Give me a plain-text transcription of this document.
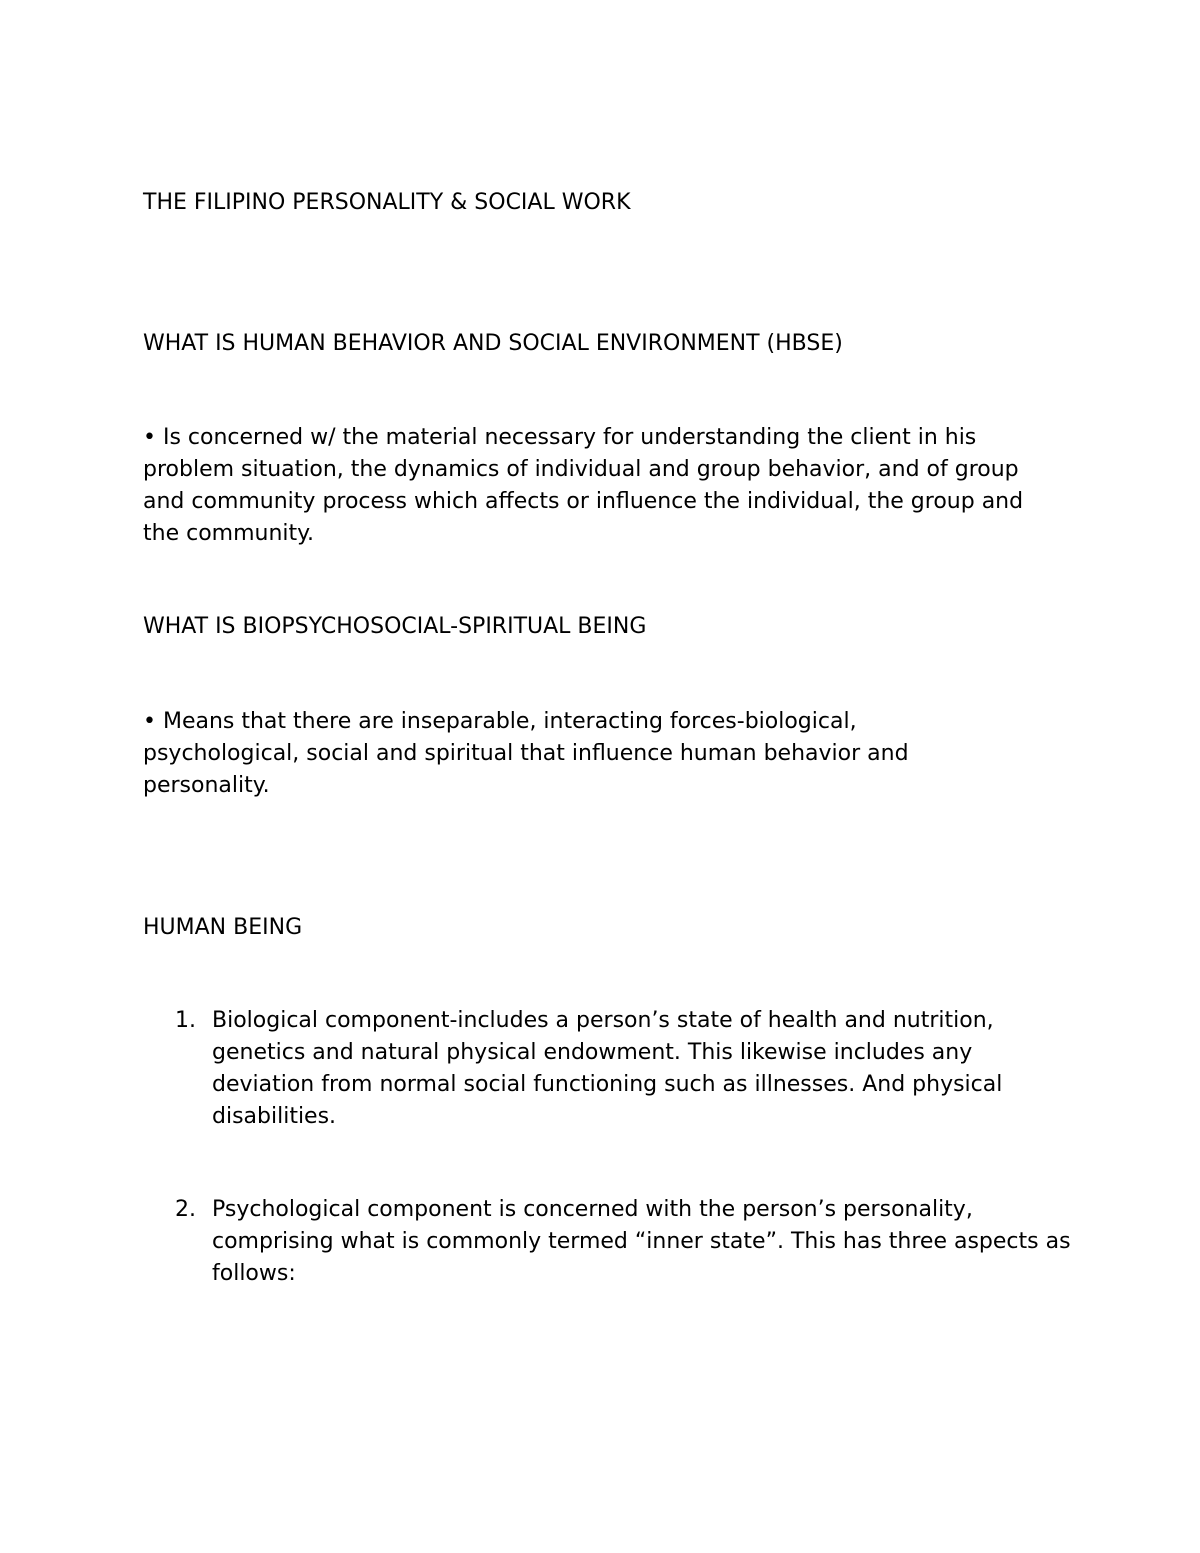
THE FILIPINO PERSONALITY & SOCIAL WORK
WHAT IS HUMAN BEHAVIOR AND SOCIAL ENVIRONMENT (HBSE)

• Is concerned w/ the material necessary for understanding the client in his problem situation, the dynamics of individual and group behavior, and of group and community process which affects or influence the individual, the group and the community.

WHAT IS BIOPSYCHOSOCIAL-SPIRITUAL BEING

• Means that there are inseparable, interacting forces-biological, psychological, social and spiritual that influence human behavior and personality.

HUMAN BEING
1. Biological component-includes a person’s state of health and nutrition, genetics and natural physical endowment. This likewise includes any deviation from normal social functioning such as illnesses. And physical disabilities.
2. Psychological component is concerned with the person’s personality, comprising what is commonly termed “inner state”. This has three aspects as follows:
